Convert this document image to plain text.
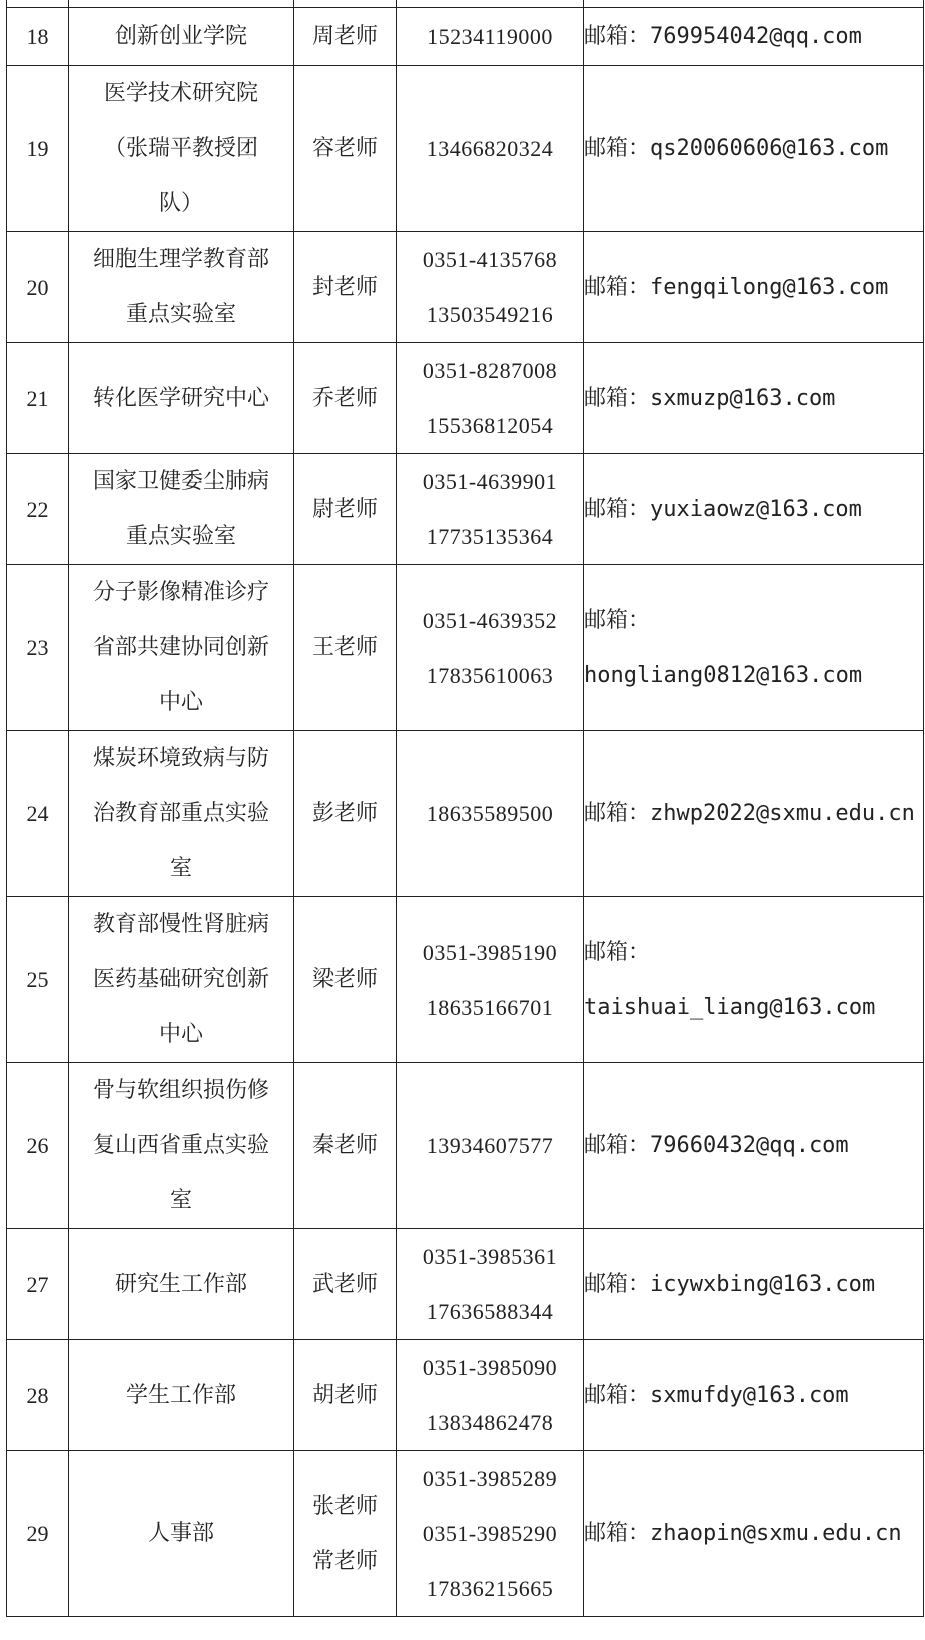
18	创新创业学院	周老师	15234119000	邮箱：769954042@qq.com

19	医学技术研究院
（张瑞平教授团
队）	容老师	13466820324	邮箱：qs20060606@163.com

20	细胞生理学教育部
重点实验室	封老师	0351-4135768
13503549216	邮箱：fengqilong@163.com

21	转化医学研究中心	乔老师	0351-8287008
15536812054	邮箱：sxmuzp@163.com

22	国家卫健委尘肺病
重点实验室	尉老师	0351-4639901
17735135364	邮箱：yuxiaowz@163.com

23	分子影像精准诊疗
省部共建协同创新
中心	王老师	0351-4639352
17835610063	邮箱：
hongliang0812@163.com

24	煤炭环境致病与防
治教育部重点实验
室	彭老师	18635589500	邮箱：zhwp2022@sxmu.edu.cn

25	教育部慢性肾脏病
医药基础研究创新
中心	梁老师	0351-3985190
18635166701	邮箱：
taishuai_liang@163.com

26	骨与软组织损伤修
复山西省重点实验
室	秦老师	13934607577	邮箱：79660432@qq.com

27	研究生工作部	武老师	0351-3985361
17636588344	邮箱：icywxbing@163.com

28	学生工作部	胡老师	0351-3985090
13834862478	邮箱：sxmufdy@163.com

29	人事部	张老师
常老师	0351-3985289
0351-3985290
17836215665	邮箱：zhaopin@sxmu.edu.cn
